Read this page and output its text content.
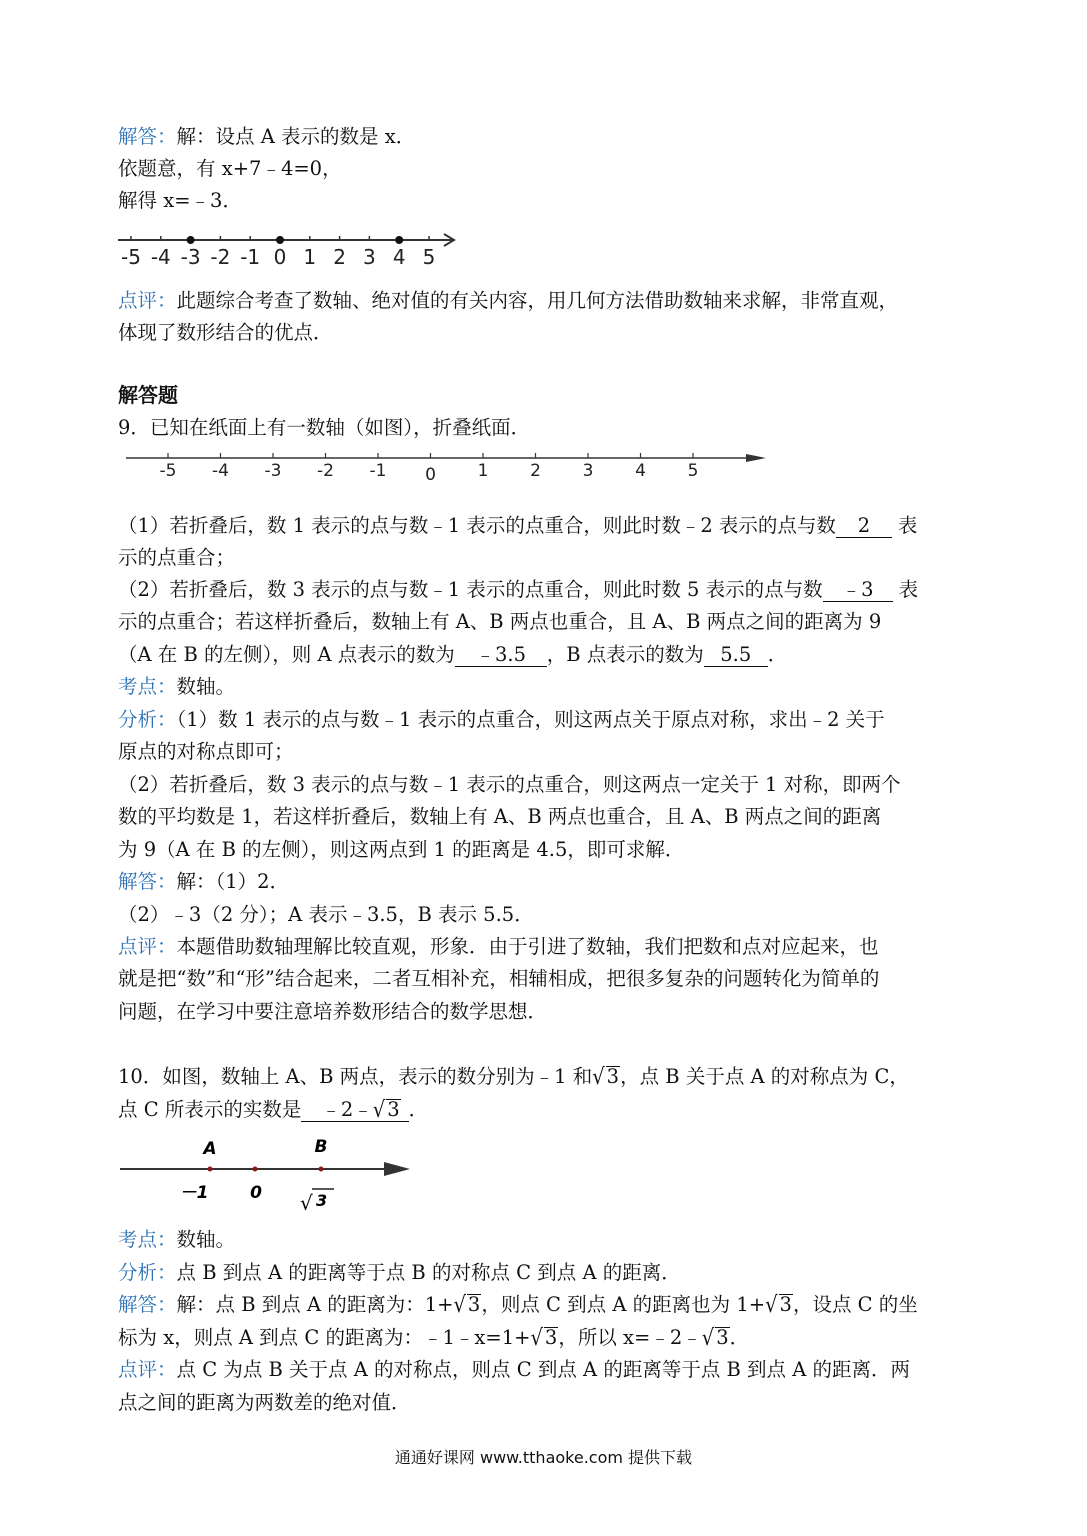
解答：解：设点 A 表示的数是 x．
依题意，有 x+7﹣4=0，
解得 x=﹣3．
-5 -4 -3 -2 -1 0 1 2 3 4 5
点评：此题综合考查了数轴、绝对值的有关内容，用几何方法借助数轴来求解，非常直观，
体现了数形结合的优点．
解答题
9．已知在纸面上有一数轴（如图），折叠纸面．
-5 -4 -3 -2 -1 0 1 2 3 4 5
（1）若折叠后，数 1 表示的点与数﹣1 表示的点重合，则此时数﹣2 表示的点与数 2 表
示的点重合；
（2）若折叠后，数 3 表示的点与数﹣1 表示的点重合，则此时数 5 表示的点与数 ﹣3 表
示的点重合；若这样折叠后，数轴上有 A、B 两点也重合，且 A、B 两点之间的距离为 9
（A 在 B 的左侧），则 A 点表示的数为 ﹣3.5 ，B 点表示的数为 5.5 ．
考点：数轴。
分析：（1）数 1 表示的点与数﹣1 表示的点重合，则这两点关于原点对称，求出﹣2 关于
原点的对称点即可；
（2）若折叠后，数 3 表示的点与数﹣1 表示的点重合，则这两点一定关于 1 对称，即两个
数的平均数是 1，若这样折叠后，数轴上有 A、B 两点也重合，且 A、B 两点之间的距离
为 9（A 在 B 的左侧），则这两点到 1 的距离是 4.5，即可求解．
解答：解：（1）2．
（2）﹣3（2 分）；A 表示﹣3.5，B 表示 5.5．
点评：本题借助数轴理解比较直观，形象．由于引进了数轴，我们把数和点对应起来，也
就是把“数”和“形”结合起来，二者互相补充，相辅相成，把很多复杂的问题转化为简单的
问题，在学习中要注意培养数形结合的数学思想．
10．如图，数轴上 A、B 两点，表示的数分别为﹣1 和√ 3，点 B 关于点 A 的对称点为 C，
点 C 所表示的实数是 ﹣2﹣√ 3 ．
A	B
－1 0 √ 3
考点：数轴。
分析：点 B 到点 A 的距离等于点 B 的对称点 C 到点 A 的距离．
解答：解：点 B 到点 A 的距离为：1+√ 3，则点 C 到点 A 的距离也为 1+√ 3，设点 C 的坐
标为 x，则点 A 到点 C 的距离为：﹣1﹣x=1+√ 3，所以 x=﹣2﹣√ 3．
点评：点 C 为点 B 关于点 A 的对称点，则点 C 到点 A 的距离等于点 B 到点 A 的距离．两
点之间的距离为两数差的绝对值．
通通好课网 www.tthaoke.com 提供下载
